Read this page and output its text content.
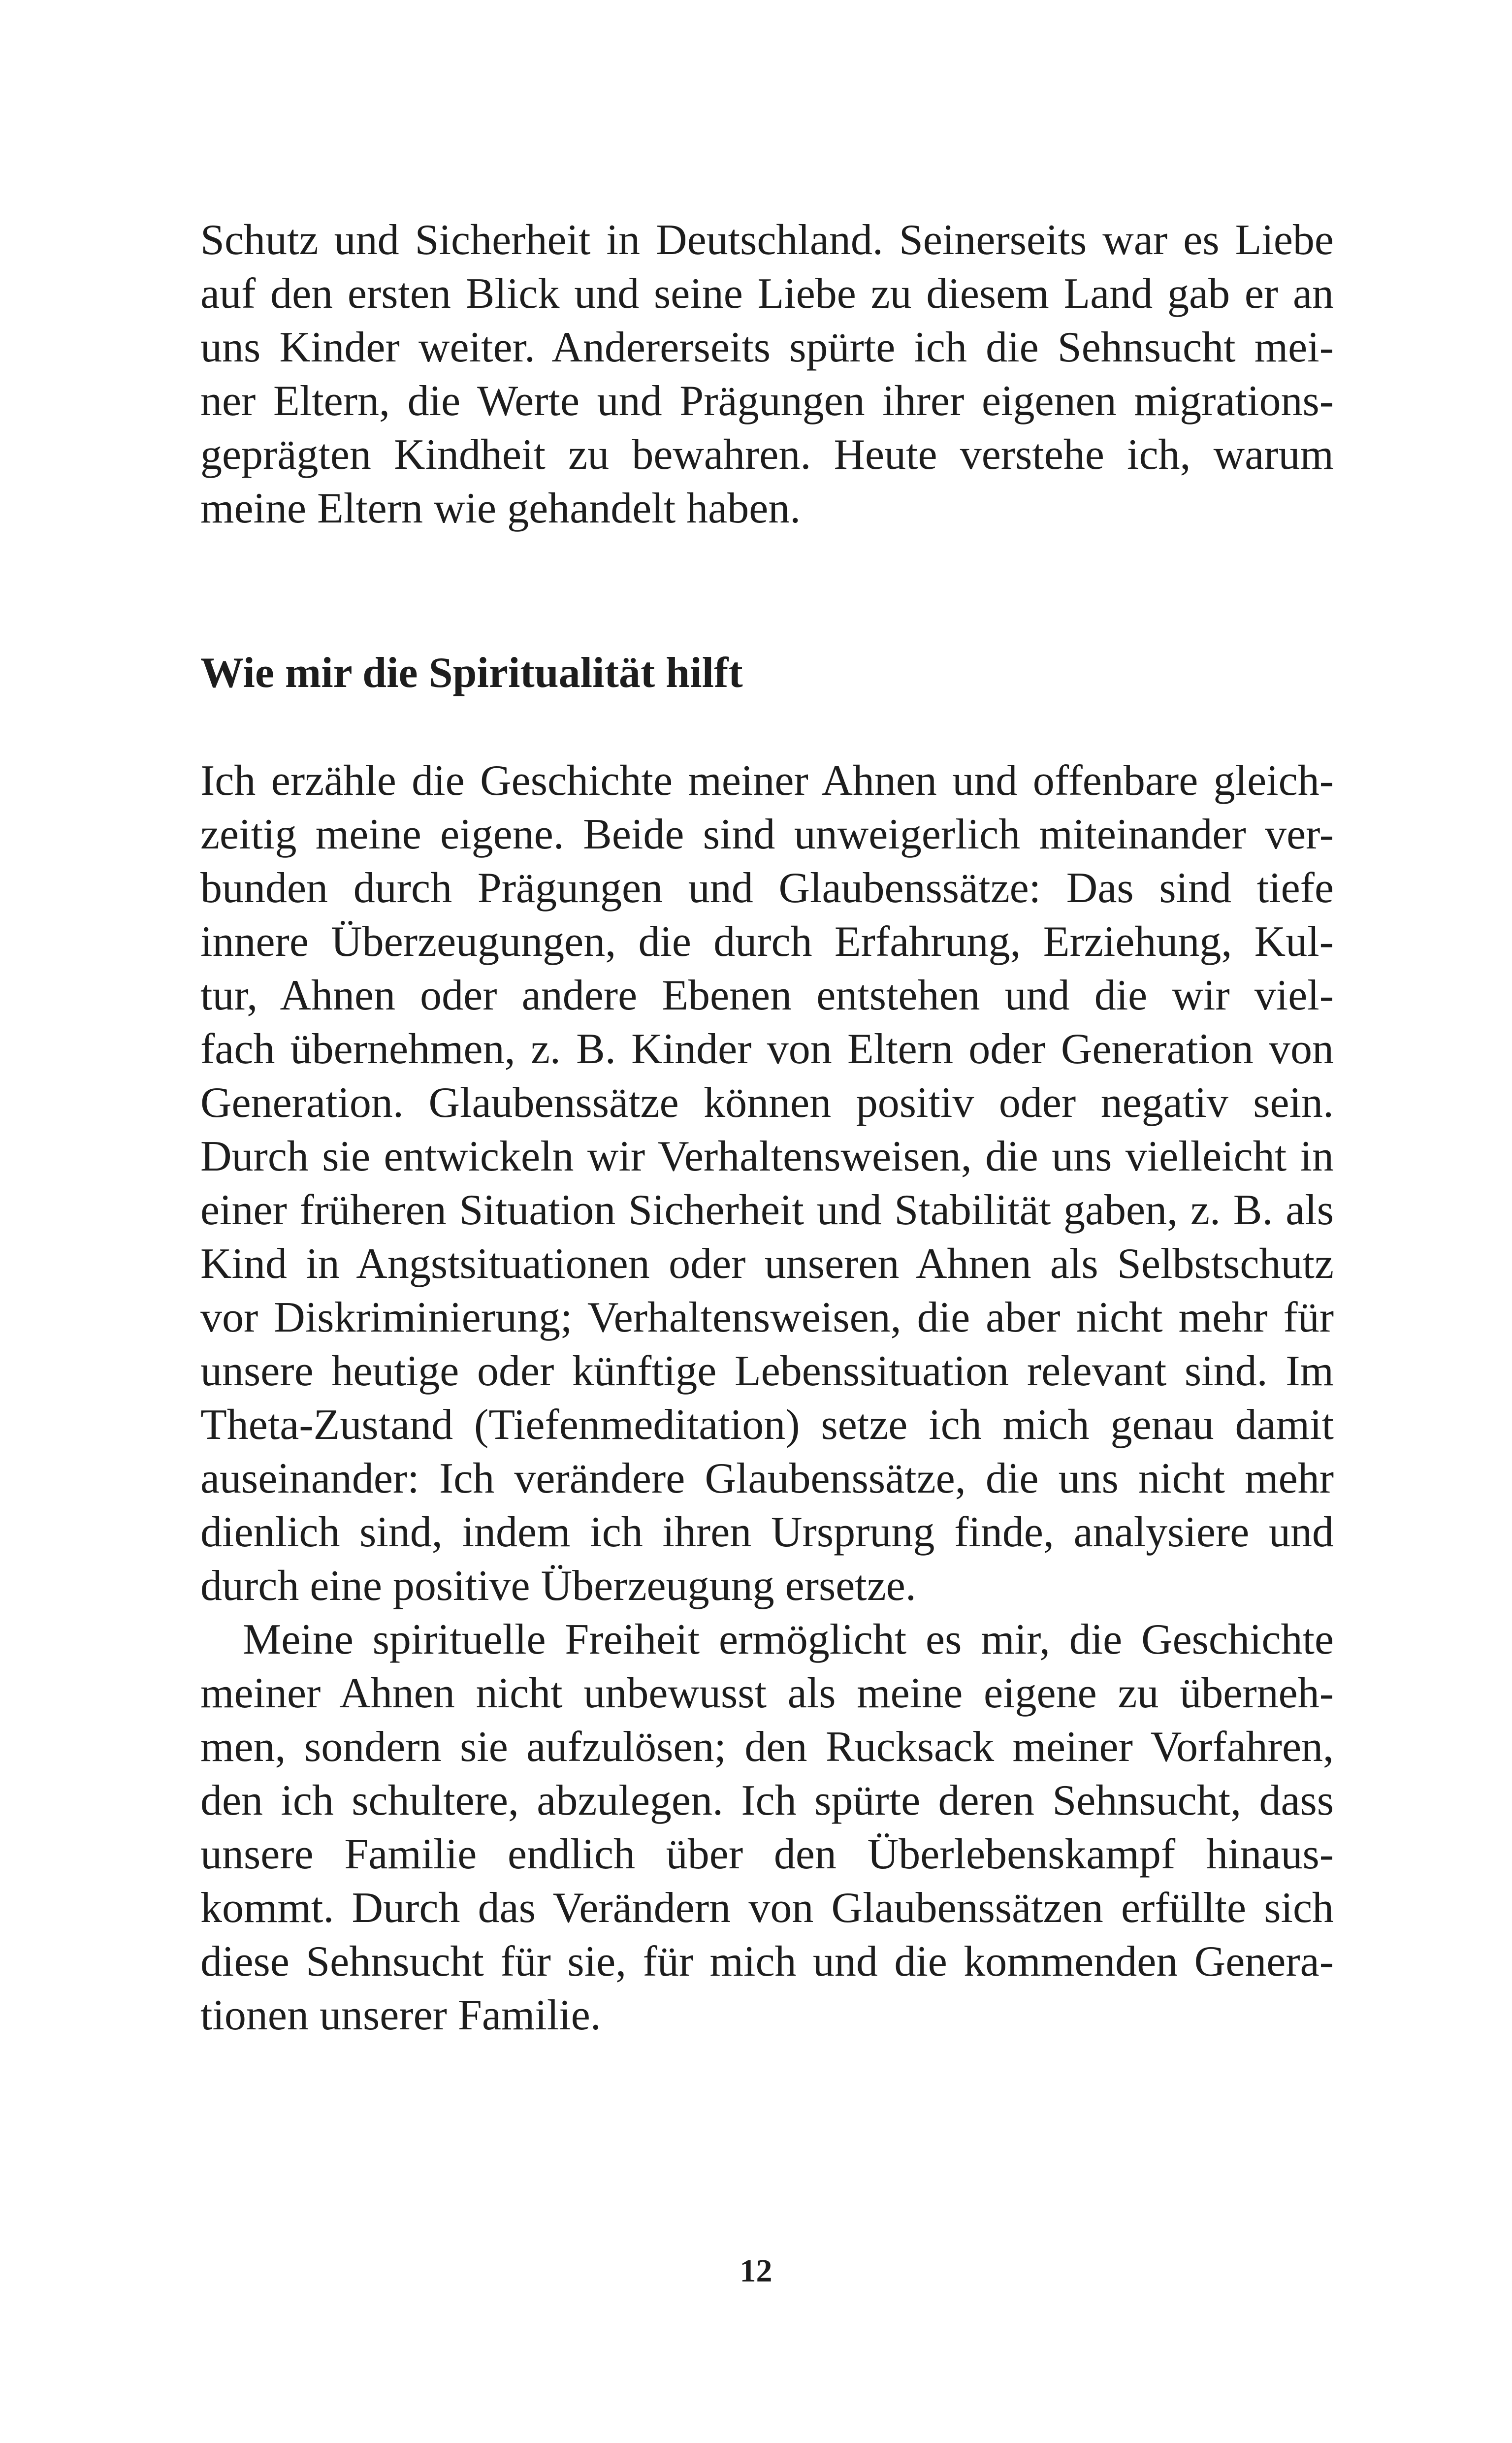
Schutz und Sicherheit in Deutschland. Seinerseits war es Liebe
auf den ersten Blick und seine Liebe zu diesem Land gab er an
uns Kinder weiter. Andererseits spürte ich die Sehnsucht mei-
ner Eltern, die Werte und Prägungen ihrer eigenen migrations-
geprägten Kindheit zu bewahren. Heute verstehe ich, warum
meine Eltern wie gehandelt haben.
Wie mir die Spiritualität hilft
Ich erzähle die Geschichte meiner Ahnen und offenbare gleich-
zeitig meine eigene. Beide sind unweigerlich miteinander ver-
bunden durch Prägungen und Glaubenssätze: Das sind tiefe
innere Überzeugungen, die durch Erfahrung, Erziehung, Kul-
tur, Ahnen oder andere Ebenen entstehen und die wir viel-
fach übernehmen, z. B. Kinder von Eltern oder Generation von
Generation. Glaubenssätze können positiv oder negativ sein.
Durch sie entwickeln wir Verhaltensweisen, die uns vielleicht in
einer früheren Situation Sicherheit und Stabilität gaben, z. B. als
Kind in Angstsituationen oder unseren Ahnen als Selbstschutz
vor Diskriminierung; Verhaltensweisen, die aber nicht mehr für
unsere heutige oder künftige Lebenssituation relevant sind. Im
Theta-Zustand (Tiefenmeditation) setze ich mich genau damit
auseinander: Ich verändere Glaubenssätze, die uns nicht mehr
dienlich sind, indem ich ihren Ursprung finde, analysiere und
durch eine positive Überzeugung ersetze.
Meine spirituelle Freiheit ermöglicht es mir, die Geschichte
meiner Ahnen nicht unbewusst als meine eigene zu überneh-
men, sondern sie aufzulösen; den Rucksack meiner Vorfahren,
den ich schultere, abzulegen. Ich spürte deren Sehnsucht, dass
unsere Familie endlich über den Überlebenskampf hinaus-
kommt. Durch das Verändern von Glaubenssätzen erfüllte sich
diese Sehnsucht für sie, für mich und die kommenden Genera-
tionen unserer Familie.
12
